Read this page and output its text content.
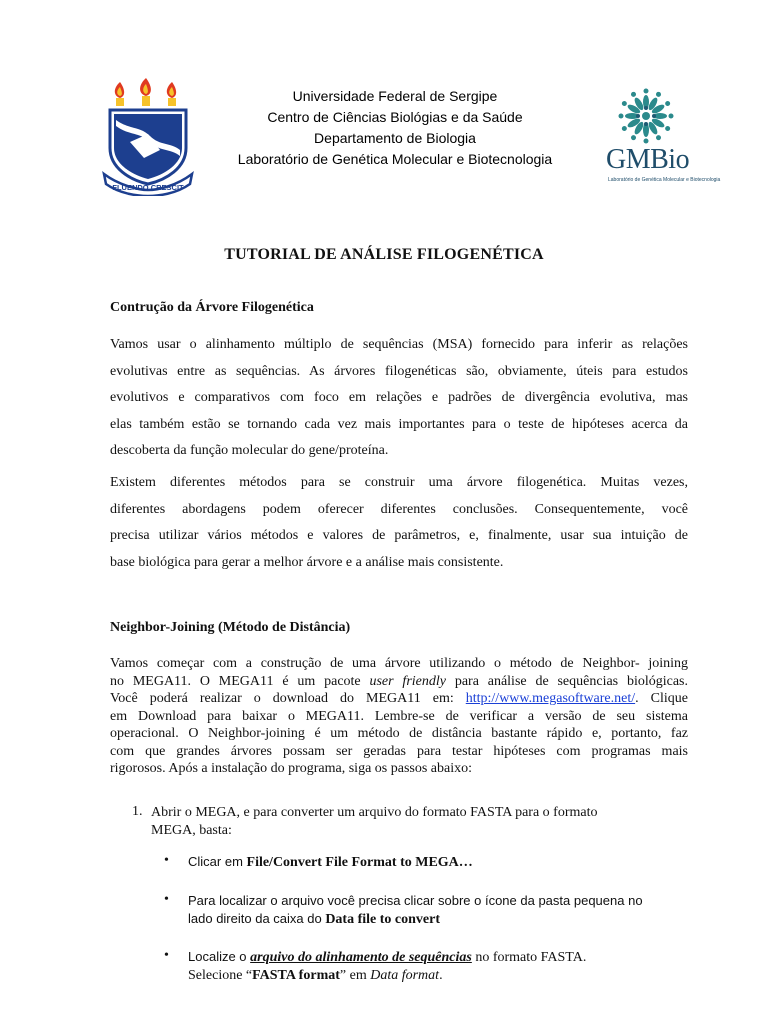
FLUENDO CRESCIT
Universidade Federal de Sergipe
Centro de Ciências Biológias e da Saúde
Departamento de Biologia
Laboratório de Genética Molecular e Biotecnologia	GMBio
Laboratório de Genética Molecular e Biotecnologia
TUTORIAL DE ANÁLISE FILOGENÉTICA
Contrução da Árvore Filogenética
Vamos usar o alinhamento múltiplo de sequências (MSA) fornecido para inferir as relações
evolutivas entre as sequências. As árvores filogenéticas são, obviamente, úteis para estudos
evolutivos e comparativos com foco em relações e padrões de divergência evolutiva, mas
elas também estão se tornando cada vez mais importantes para o teste de hipóteses acerca da
descoberta da função molecular do gene/proteína.
Existem diferentes métodos para se construir uma árvore filogenética. Muitas vezes,
diferentes abordagens podem oferecer diferentes conclusões. Consequentemente, você
precisa utilizar vários métodos e valores de parâmetros, e, finalmente, usar sua intuição de
base biológica para gerar a melhor árvore e a análise mais consistente.
Neighbor-Joining (Método de Distância)
Vamos começar com a construção de uma árvore utilizando o método de Neighbor- joining
no MEGA11. O MEGA11 é um pacote user friendly para análise de sequências biológicas.
Você poderá realizar o download do MEGA11 em: http://www.megasoftware.net/. Clique
em Download para baixar o MEGA11. Lembre-se de verificar a versão de seu sistema
operacional. O Neighbor-joining é um método de distância bastante rápido e, portanto, faz
com que grandes árvores possam ser geradas para testar hipóteses com programas mais
rigorosos. Após a instalação do programa, siga os passos abaixo:
1. Abrir o MEGA, e para converter um arquivo do formato FASTA para o formato
MEGA, basta:
• Clicar em File/Convert File Format to MEGA…
• Para localizar o arquivo você precisa clicar sobre o ícone da pasta pequena no
lado direito da caixa do Data file to convert
• Localize o arquivo do alinhamento de sequências no formato FASTA.
Selecione “FASTA format” em Data format.
